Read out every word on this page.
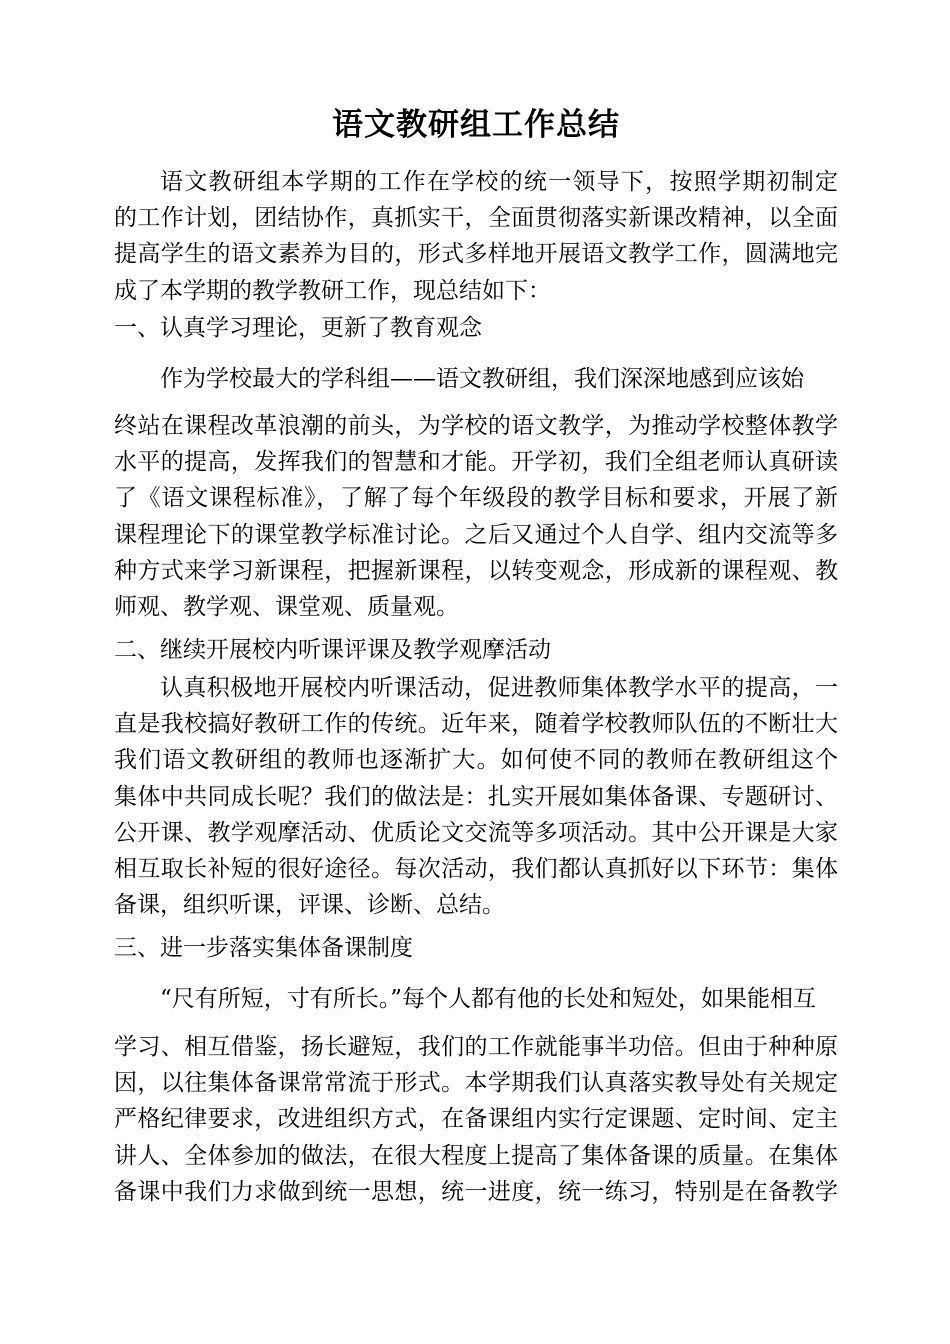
语文教研组工作总结
语文教研组本学期的工作在学校的统一领导下，按照学期初制定
的工作计划，团结协作，真抓实干，全面贯彻落实新课改精神，以全面
提高学生的语文素养为目的，形式多样地开展语文教学工作，圆满地完
成了本学期的教学教研工作，现总结如下：
一、认真学习理论，更新了教育观念
作为学校最大的学科组——语文教研组，我们深深地感到应该始
终站在课程改革浪潮的前头，为学校的语文教学，为推动学校整体教学
水平的提高，发挥我们的智慧和才能。开学初，我们全组老师认真研读
了《语文课程标准》，了解了每个年级段的教学目标和要求，开展了新
课程理论下的课堂教学标准讨论。之后又通过个人自学、组内交流等多
种方式来学习新课程，把握新课程，以转变观念，形成新的课程观、教
师观、教学观、课堂观、质量观。
二、继续开展校内听课评课及教学观摩活动
认真积极地开展校内听课活动，促进教师集体教学水平的提高，一
直是我校搞好教研工作的传统。近年来，随着学校教师队伍的不断壮大
我们语文教研组的教师也逐渐扩大。如何使不同的教师在教研组这个
集体中共同成长呢？我们的做法是：扎实开展如集体备课、专题研讨、
公开课、教学观摩活动、优质论文交流等多项活动。其中公开课是大家
相互取长补短的很好途径。每次活动，我们都认真抓好以下环节：集体
备课，组织听课，评课、诊断、总结。
三、进一步落实集体备课制度
“尺有所短，寸有所长。”每个人都有他的长处和短处，如果能相互
学习、相互借鉴，扬长避短，我们的工作就能事半功倍。但由于种种原
因，以往集体备课常常流于形式。本学期我们认真落实教导处有关规定
严格纪律要求，改进组织方式，在备课组内实行定课题、定时间、定主
讲人、全体参加的做法，在很大程度上提高了集体备课的质量。在集体
备课中我们力求做到统一思想，统一进度，统一练习，特别是在备教学
